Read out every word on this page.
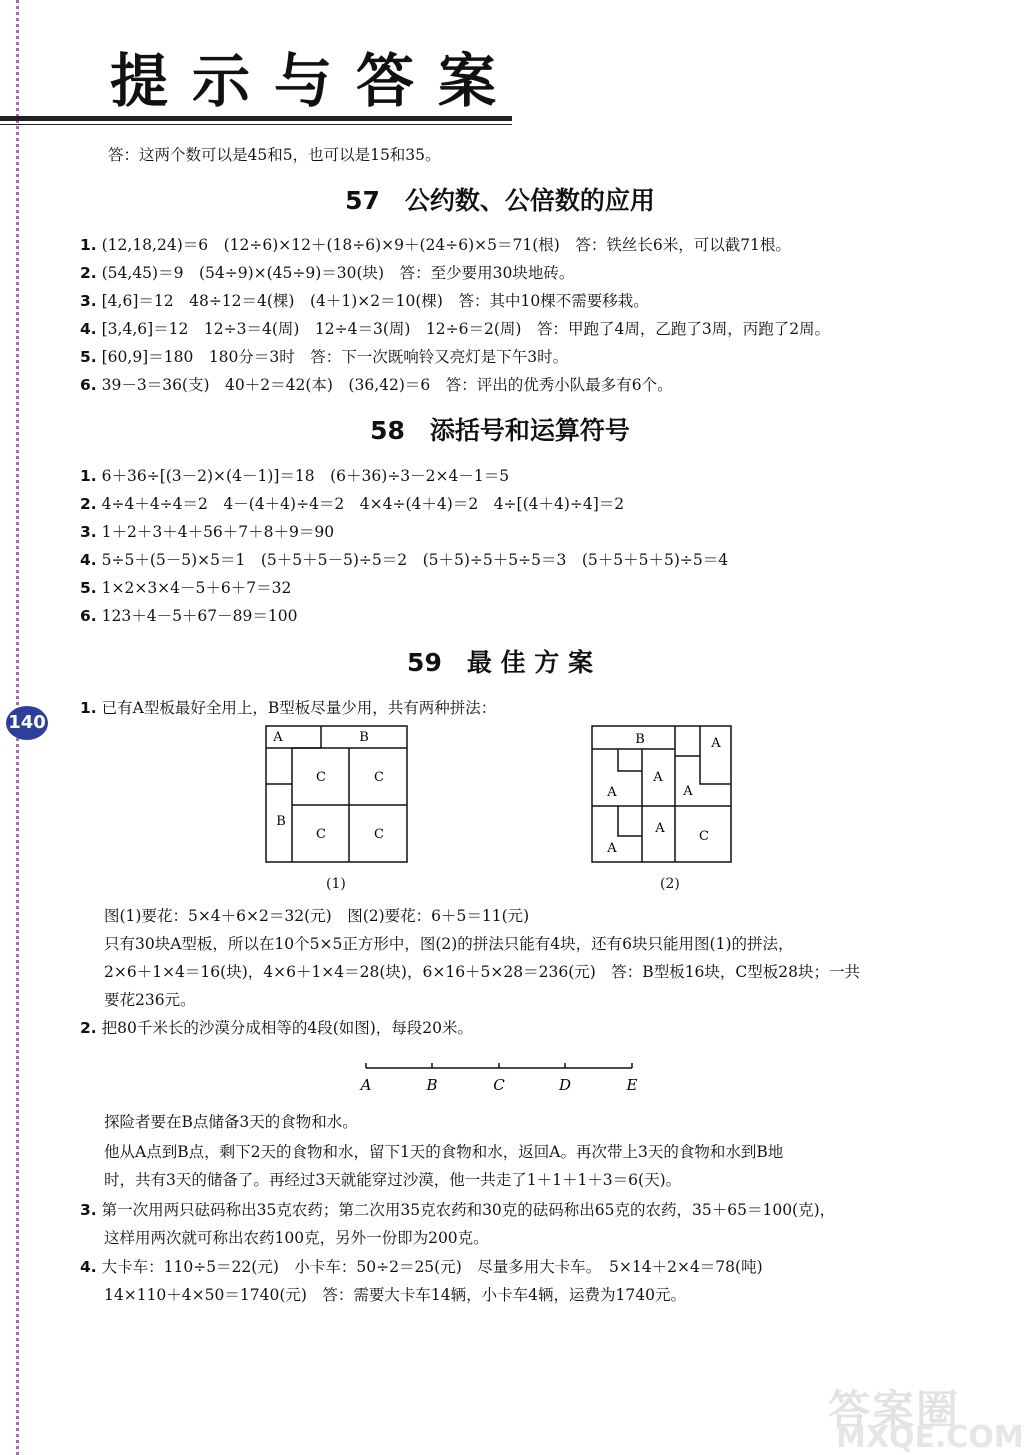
提示与答案
140
答：这两个数可以是45和5，也可以是15和35。
57　公约数、公倍数的应用
1. (12,18,24)＝6　(12÷6)×12＋(18÷6)×9＋(24÷6)×5＝71(根)　答：铁丝长6米，可以截71根。
2. (54,45)＝9　(54÷9)×(45÷9)＝30(块)　答：至少要用30块地砖。
3. [4,6]＝12　48÷12＝4(棵)　(4＋1)×2＝10(棵)　答：其中10棵不需要移栽。
4. [3,4,6]＝12　12÷3＝4(周)　12÷4＝3(周)　12÷6＝2(周)　答：甲跑了4周，乙跑了3周，丙跑了2周。
5. [60,9]＝180　180分＝3时　答：下一次既响铃又亮灯是下午3时。
6. 39－3＝36(支)　40＋2＝42(本)　(36,42)＝6　答：评出的优秀小队最多有6个。
58　添括号和运算符号
1. 6＋36÷[(3－2)×(4－1)]＝18　(6＋36)÷3－2×4－1＝5
2. 4÷4＋4÷4＝2　4－(4＋4)÷4＝2　4×4÷(4＋4)＝2　4÷[(4＋4)÷4]＝2
3. 1＋2＋3＋4＋56＋7＋8＋9＝90
4. 5÷5＋(5－5)×5＝1　(5＋5＋5－5)÷5＝2　(5＋5)÷5＋5÷5＝3　(5＋5＋5＋5)÷5＝4
5. 1×2×3×4－5＋6＋7＝32
6. 123＋4－5＋67－89＝100
59　最 佳 方 案
1. 已有A型板最好全用上，B型板尽量少用，共有两种拼法：
A	B
B
C	C
C	C
(1)
B	A
A
A	A
A
A
C
(2)
图(1)要花：5×4＋6×2＝32(元)　图(2)要花：6＋5＝11(元)
只有30块A型板，所以在10个5×5正方形中，图(2)的拼法只能有4块，还有6块只能用图(1)的拼法，
2×6＋1×4＝16(块)，4×6＋1×4＝28(块)，6×16＋5×28＝236(元)　答：B型板16块，C型板28块；一共
要花236元。
2. 把80千米长的沙漠分成相等的4段(如图)，每段20米。
A	B	C	D	E
探险者要在B点储备3天的食物和水。
他从A点到B点，剩下2天的食物和水，留下1天的食物和水，返回A。再次带上3天的食物和水到B地
时，共有3天的储备了。再经过3天就能穿过沙漠，他一共走了1＋1＋1＋3＝6(天)。
3. 第一次用两只砝码称出35克农药；第二次用35克农药和30克的砝码称出65克的农药，35＋65＝100(克)，
这样用两次就可称出农药100克，另外一份即为200克。
4. 大卡车：110÷5＝22(元)　小卡车：50÷2＝25(元)　尽量多用大卡车。　5×14＋2×4＝78(吨)
14×110＋4×50＝1740(元)　答：需要大卡车14辆，小卡车4辆，运费为1740元。
答案圈
MXQE.COM
